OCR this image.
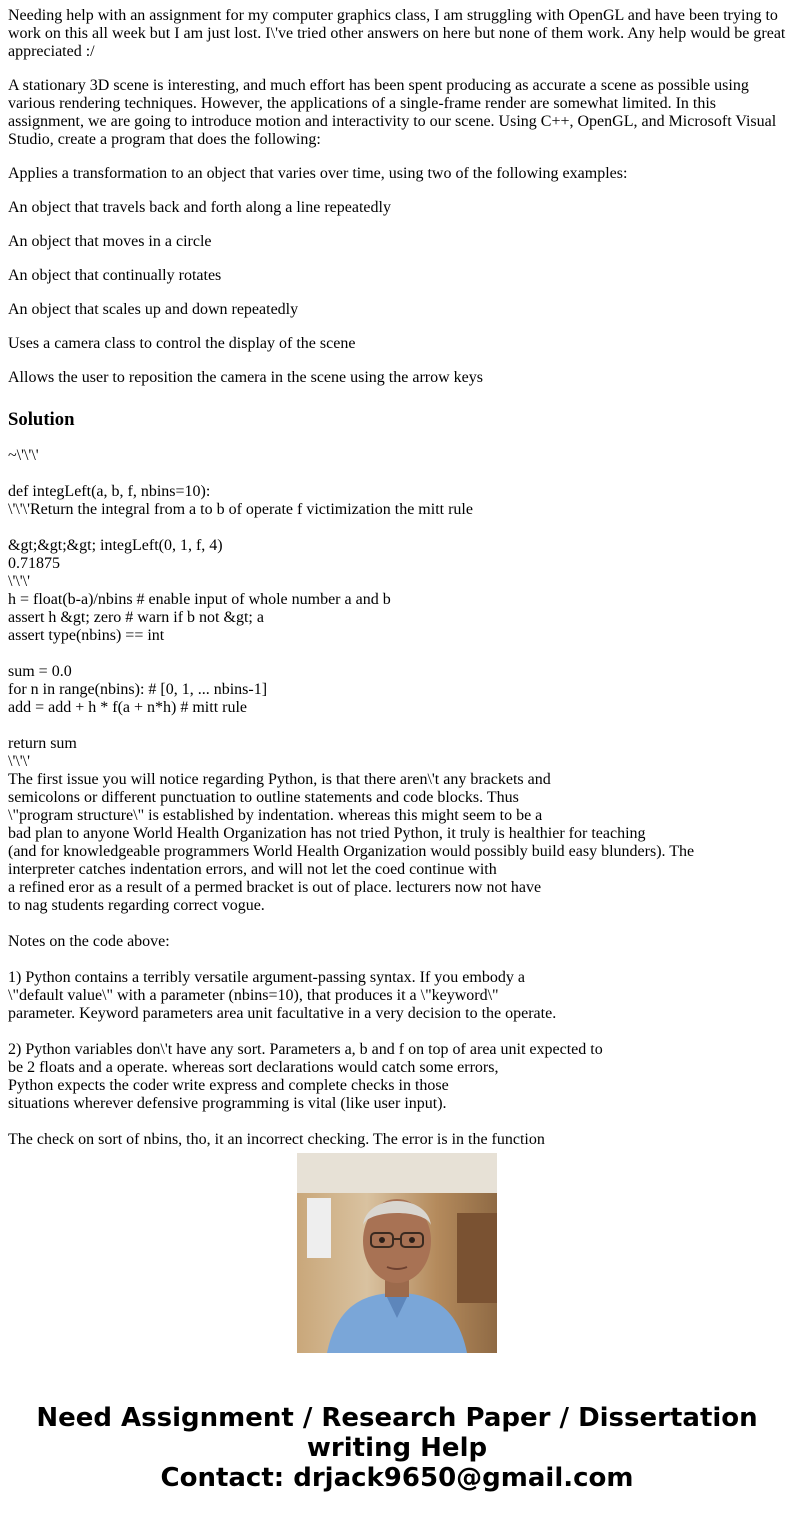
Needing help with an assignment for my computer graphics class, I am struggling with OpenGL and have been trying to work on this all week but I am just lost. I\'ve tried other answers on here but none of them work. Any help would be great appreciated :/

A stationary 3D scene is interesting, and much effort has been spent producing as accurate a scene as possible using various rendering techniques. However, the applications of a single-frame render are somewhat limited. In this assignment, we are going to introduce motion and interactivity to our scene. Using C++, OpenGL, and Microsoft Visual Studio, create a program that does the following:

Applies a transformation to an object that varies over time, using two of the following examples:

An object that travels back and forth along a line repeatedly

An object that moves in a circle

An object that continually rotates

An object that scales up and down repeatedly

Uses a camera class to control the display of the scene

Allows the user to reposition the camera in the scene using the arrow keys

Solution
~\'\'\'
def integLeft(a, b, f, nbins=10):
\'\'\'Return the integral from a to b of operate f victimization the mitt rule
&gt;&gt;&gt; integLeft(0, 1, f, 4)
0.71875
\'\'\'
h = float(b-a)/nbins # enable input of whole number a and b
assert h &gt; zero # warn if b not &gt; a
assert type(nbins) == int
sum = 0.0
for n in range(nbins): # [0, 1, ... nbins-1]
add = add + h * f(a + n*h) # mitt rule
return sum
\'\'\'
The first issue you will notice regarding Python, is that there aren\'t any brackets and
semicolons or different punctuation to outline statements and code blocks. Thus
\"program structure\" is established by indentation. whereas this might seem to be a
bad plan to anyone World Health Organization has not tried Python, it truly is healthier for teaching
(and for knowledgeable programmers World Health Organization would possibly build easy blunders). The
interpreter catches indentation errors, and will not let the coed continue with
a refined eror as a result of a permed bracket is out of place. lecturers now not have
to nag students regarding correct vogue.
Notes on the code above:
1) Python contains a terribly versatile argument-passing syntax. If you embody a
\"default value\" with a parameter (nbins=10), that produces it a \"keyword\"
parameter. Keyword parameters area unit facultative in a very decision to the operate.
2) Python variables don\'t have any sort. Parameters a, b and f on top of area unit expected to
be 2 floats and a operate. whereas sort declarations would catch some errors,
Python expects the coder write express and complete checks in those
situations wherever defensive programming is vital (like user input).
The check on sort of nbins, tho, it an incorrect checking. The error is in the function
Need Assignment / Research Paper / Dissertation
writing Help
Contact: drjack9650@gmail.com
